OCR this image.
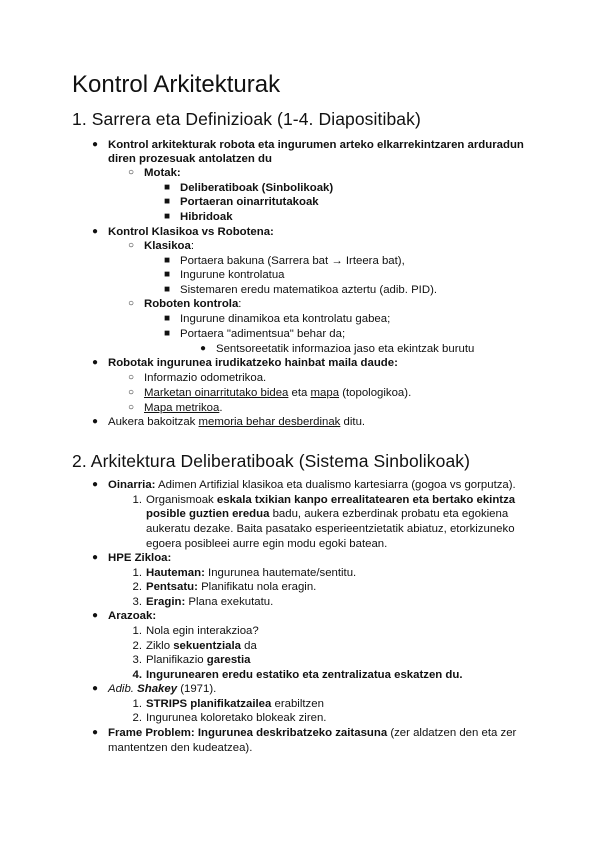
Kontrol Arkitekturak
1. Sarrera eta Definizioak (1-4. Diapositibak)
● Kontrol arkitekturak robota eta ingurumen arteko elkarrekintzaren arduradun
diren prozesuak antolatzen du
○ Motak:
■ Deliberatiboak (Sinbolikoak)
■ Portaeran oinarritutakoak
■ Hibridoak
● Kontrol Klasikoa vs Robotena:
○ Klasikoa:
■ Portaera bakuna (Sarrera bat → Irteera bat),
■ Ingurune kontrolatua
■ Sistemaren eredu matematikoa aztertu (adib. PID).
○ Roboten kontrola:
■ Ingurune dinamikoa eta kontrolatu gabea;
■ Portaera "adimentsua" behar da;
● Sentsoreetatik informazioa jaso eta ekintzak burutu
● Robotak ingurunea irudikatzeko hainbat maila daude:
○ Informazio odometrikoa.
○ Marketan oinarritutako bidea eta mapa (topologikoa).
○ Mapa metrikoa.
● Aukera bakoitzak memoria behar desberdinak ditu.
2. Arkitektura Deliberatiboak (Sistema Sinbolikoak)
● Oinarria: Adimen Artifizial klasikoa eta dualismo kartesiarra (gogoa vs gorputza).
1. Organismoak eskala txikian kanpo errealitatearen eta bertako ekintza
posible guztien eredua badu, aukera ezberdinak probatu eta egokiena
aukeratu dezake. Baita pasatako esperieentzietatik abiatuz, etorkizuneko
egoera posibleei aurre egin modu egoki batean.
● HPE Zikloa:
1. Hauteman: Ingurunea hautemate/sentitu.
2. Pentsatu: Planifikatu nola eragin.
3. Eragin: Plana exekutatu.
● Arazoak:
1. Nola egin interakzioa?
2. Ziklo sekuentziala da
3. Planifikazio garestia
4. Ingurunearen eredu estatiko eta zentralizatua eskatzen du.
● Adib. Shakey (1971).
1. STRIPS planifikatzailea erabiltzen
2. Ingurunea koloretako blokeak ziren.
● Frame Problem: Ingurunea deskribatzeko zaitasuna (zer aldatzen den eta zer
mantentzen den kudeatzea).
